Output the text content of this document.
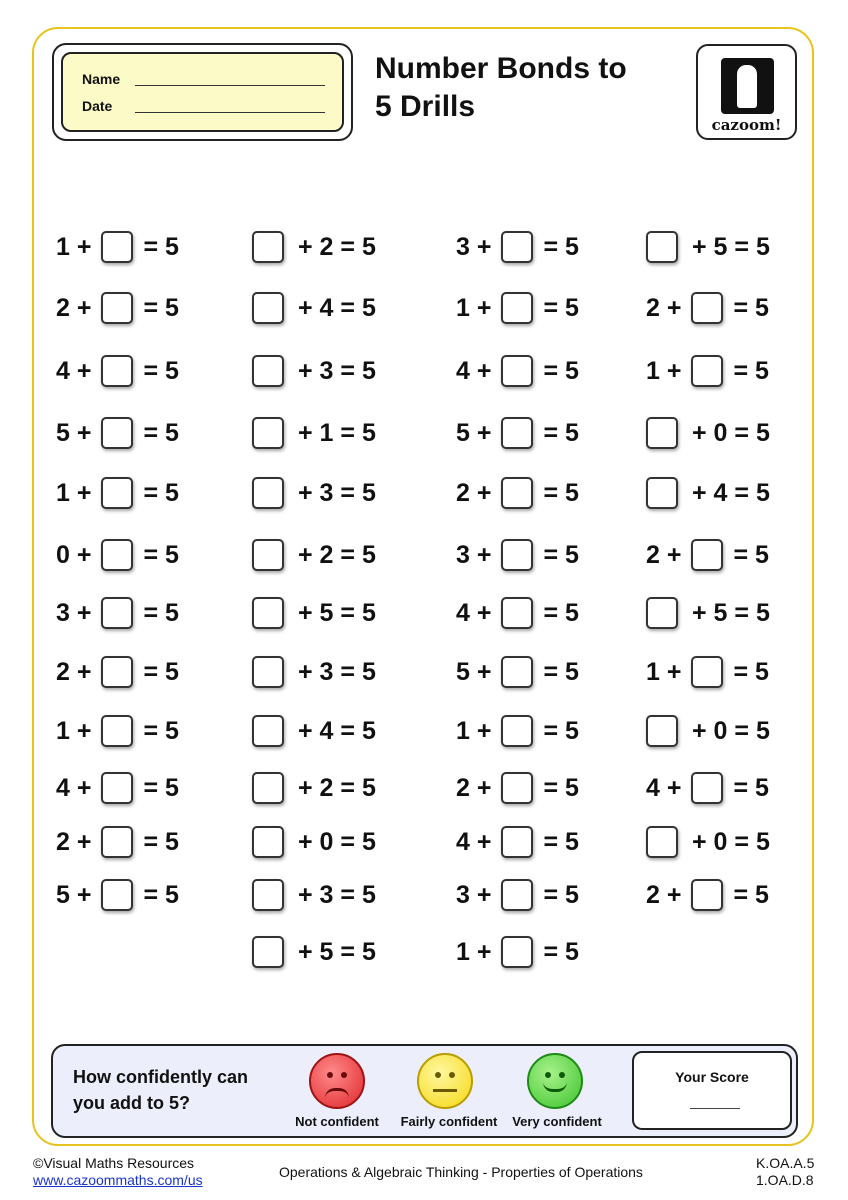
Name
Date
Number Bonds to
5 Drills
cazoom!
1 + = 5
2 + = 5
4 + = 5
5 + = 5
1 + = 5
0 + = 5
3 + = 5
2 + = 5
1 + = 5
4 + = 5
2 + = 5
5 + = 5
+ 2 = 5
+ 4 = 5
+ 3 = 5
+ 1 = 5
+ 3 = 5
+ 2 = 5
+ 5 = 5
+ 3 = 5
+ 4 = 5
+ 2 = 5
+ 0 = 5
+ 3 = 5
+ 5 = 5
3 + = 5
1 + = 5
4 + = 5
5 + = 5
2 + = 5
3 + = 5
4 + = 5
5 + = 5
1 + = 5
2 + = 5
4 + = 5
3 + = 5
1 + = 5
+ 5 = 5
2 + = 5
1 + = 5
+ 0 = 5
+ 4 = 5
2 + = 5
+ 5 = 5
1 + = 5
+ 0 = 5
4 + = 5
+ 0 = 5
2 + = 5
How confidently can you add to 5?
Not confident	Fairly confident	Very confident
Your Score
©Visual Maths Resources
www.cazoommaths.com/us	Operations & Algebraic Thinking - Properties of Operations
K.OA.A.5
1.OA.D.8
